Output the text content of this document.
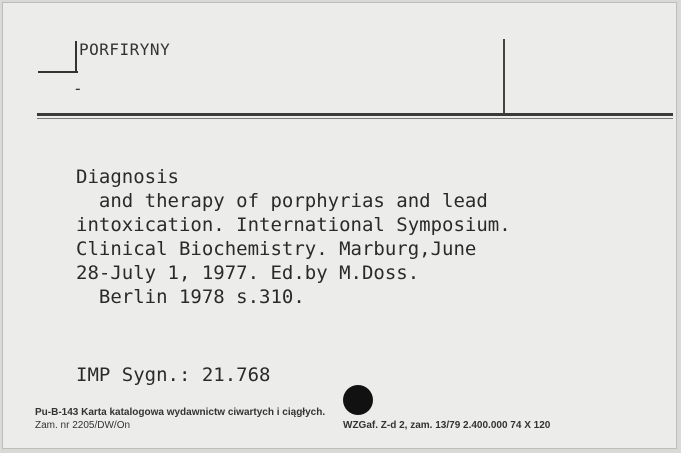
PORFIRYNY
-
Diagnosis
and therapy of porphyrias and lead
intoxication. International Symposium.
Clinical Biochemistry. Marburg,June
28-July 1, 1977. Ed.by M.Doss.
Berlin 1978 s.310.
IMP Sygn.: 21.768
Pu-B-143 Karta katalogowa wydawnictw ciwartych i ciągłych.
Zam. nr 2205/DW/On	WZGaf. Z-d 2, zam. 13/79 2.400.000 74 X 120
